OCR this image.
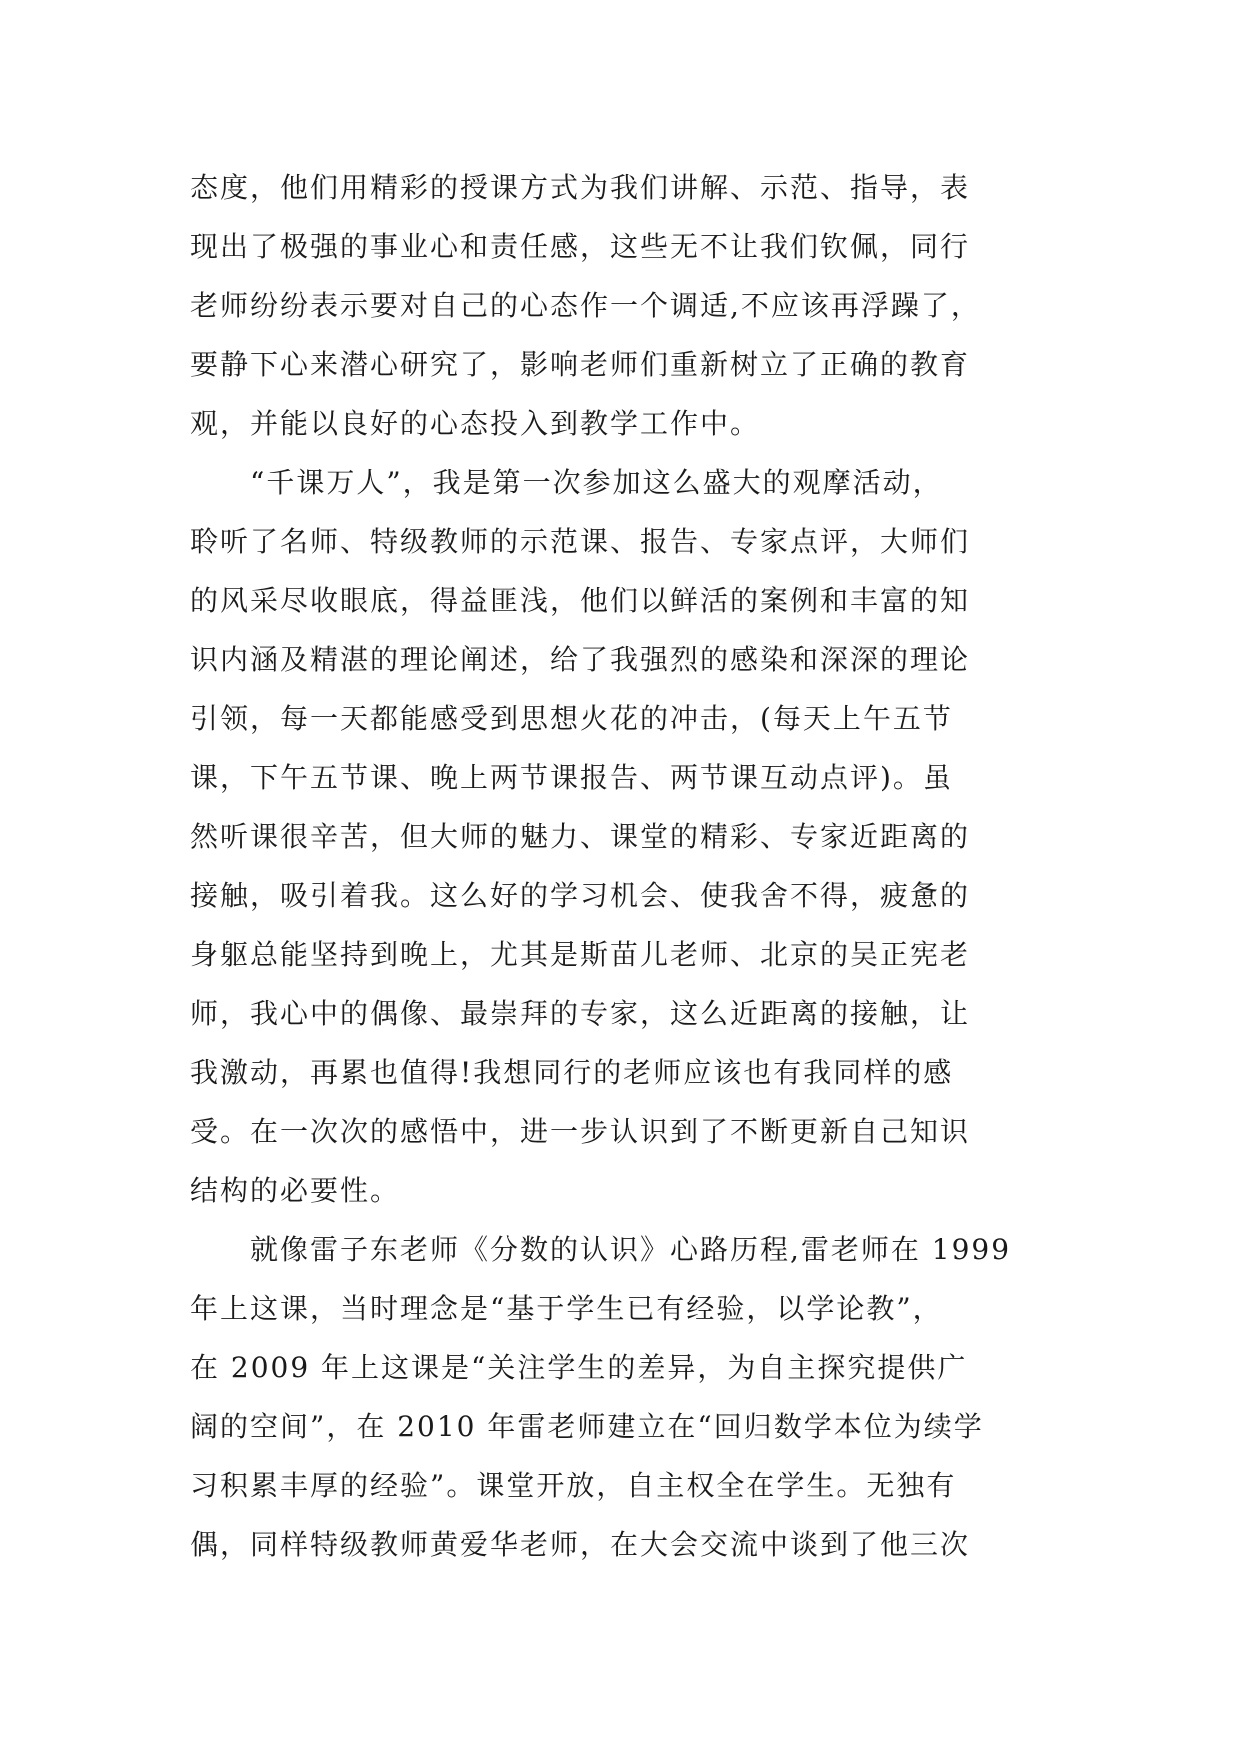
态度，他们用精彩的授课方式为我们讲解、示范、指导，表
现出了极强的事业心和责任感，这些无不让我们钦佩，同行
老师纷纷表示要对自己的心态作一个调适,不应该再浮躁了，
要静下心来潜心研究了，影响老师们重新树立了正确的教育
观，并能以良好的心态投入到教学工作中。
　　“千课万人”，我是第一次参加这么盛大的观摩活动，
聆听了名师、特级教师的示范课、报告、专家点评，大师们
的风采尽收眼底，得益匪浅，他们以鲜活的案例和丰富的知
识内涵及精湛的理论阐述，给了我强烈的感染和深深的理论
引领，每一天都能感受到思想火花的冲击，(每天上午五节
课，下午五节课、晚上两节课报告、两节课互动点评)。虽
然听课很辛苦，但大师的魅力、课堂的精彩、专家近距离的
接触，吸引着我。这么好的学习机会、使我舍不得，疲惫的
身躯总能坚持到晚上，尤其是斯苗儿老师、北京的吴正宪老
师，我心中的偶像、最崇拜的专家，这么近距离的接触，让
我激动，再累也值得!我想同行的老师应该也有我同样的感
受。在一次次的感悟中，进一步认识到了不断更新自己知识
结构的必要性。
　　就像雷子东老师《分数的认识》心路历程,雷老师在 1999
年上这课，当时理念是“基于学生已有经验，以学论教”，
在 2009 年上这课是“关注学生的差异，为自主探究提供广
阔的空间”，在 2010 年雷老师建立在“回归数学本位为续学
习积累丰厚的经验”。课堂开放，自主权全在学生。无独有
偶，同样特级教师黄爱华老师，在大会交流中谈到了他三次
